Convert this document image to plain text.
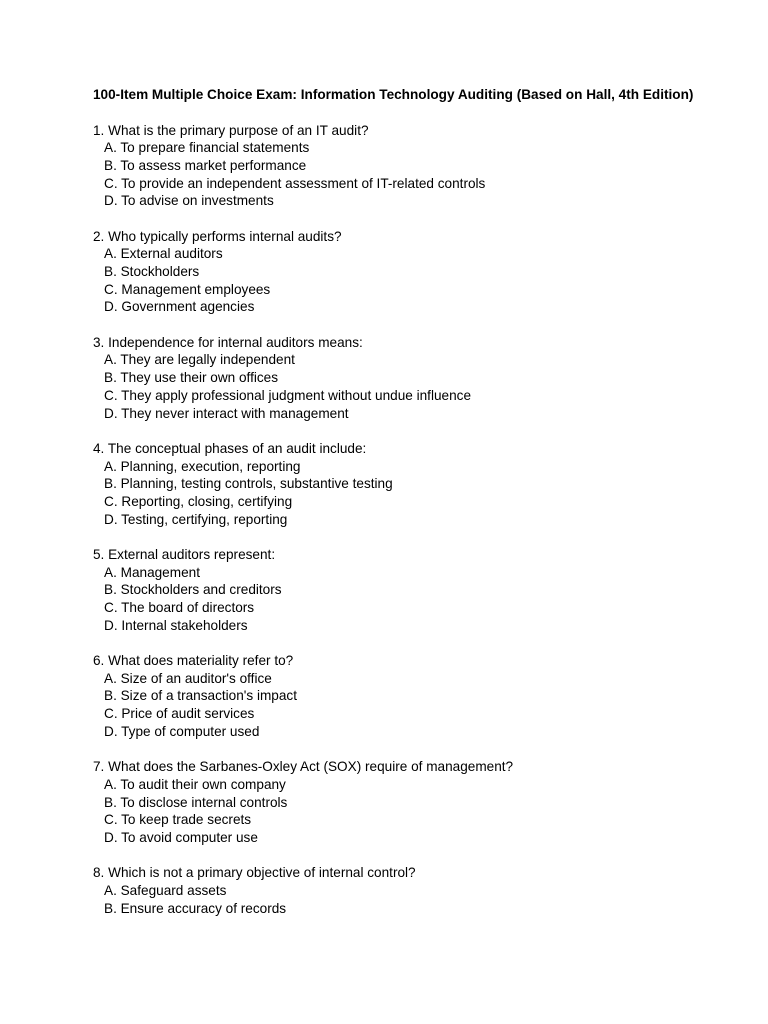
100-Item Multiple Choice Exam: Information Technology Auditing (Based on Hall, 4th Edition)
1. What is the primary purpose of an IT audit?
A. To prepare financial statements
B. To assess market performance
C. To provide an independent assessment of IT-related controls
D. To advise on investments
2. Who typically performs internal audits?
A. External auditors
B. Stockholders
C. Management employees
D. Government agencies
3. Independence for internal auditors means:
A. They are legally independent
B. They use their own offices
C. They apply professional judgment without undue influence
D. They never interact with management
4. The conceptual phases of an audit include:
A. Planning, execution, reporting
B. Planning, testing controls, substantive testing
C. Reporting, closing, certifying
D. Testing, certifying, reporting
5. External auditors represent:
A. Management
B. Stockholders and creditors
C. The board of directors
D. Internal stakeholders
6. What does materiality refer to?
A. Size of an auditor's office
B. Size of a transaction's impact
C. Price of audit services
D. Type of computer used
7. What does the Sarbanes-Oxley Act (SOX) require of management?
A. To audit their own company
B. To disclose internal controls
C. To keep trade secrets
D. To avoid computer use
8. Which is not a primary objective of internal control?
A. Safeguard assets
B. Ensure accuracy of records
